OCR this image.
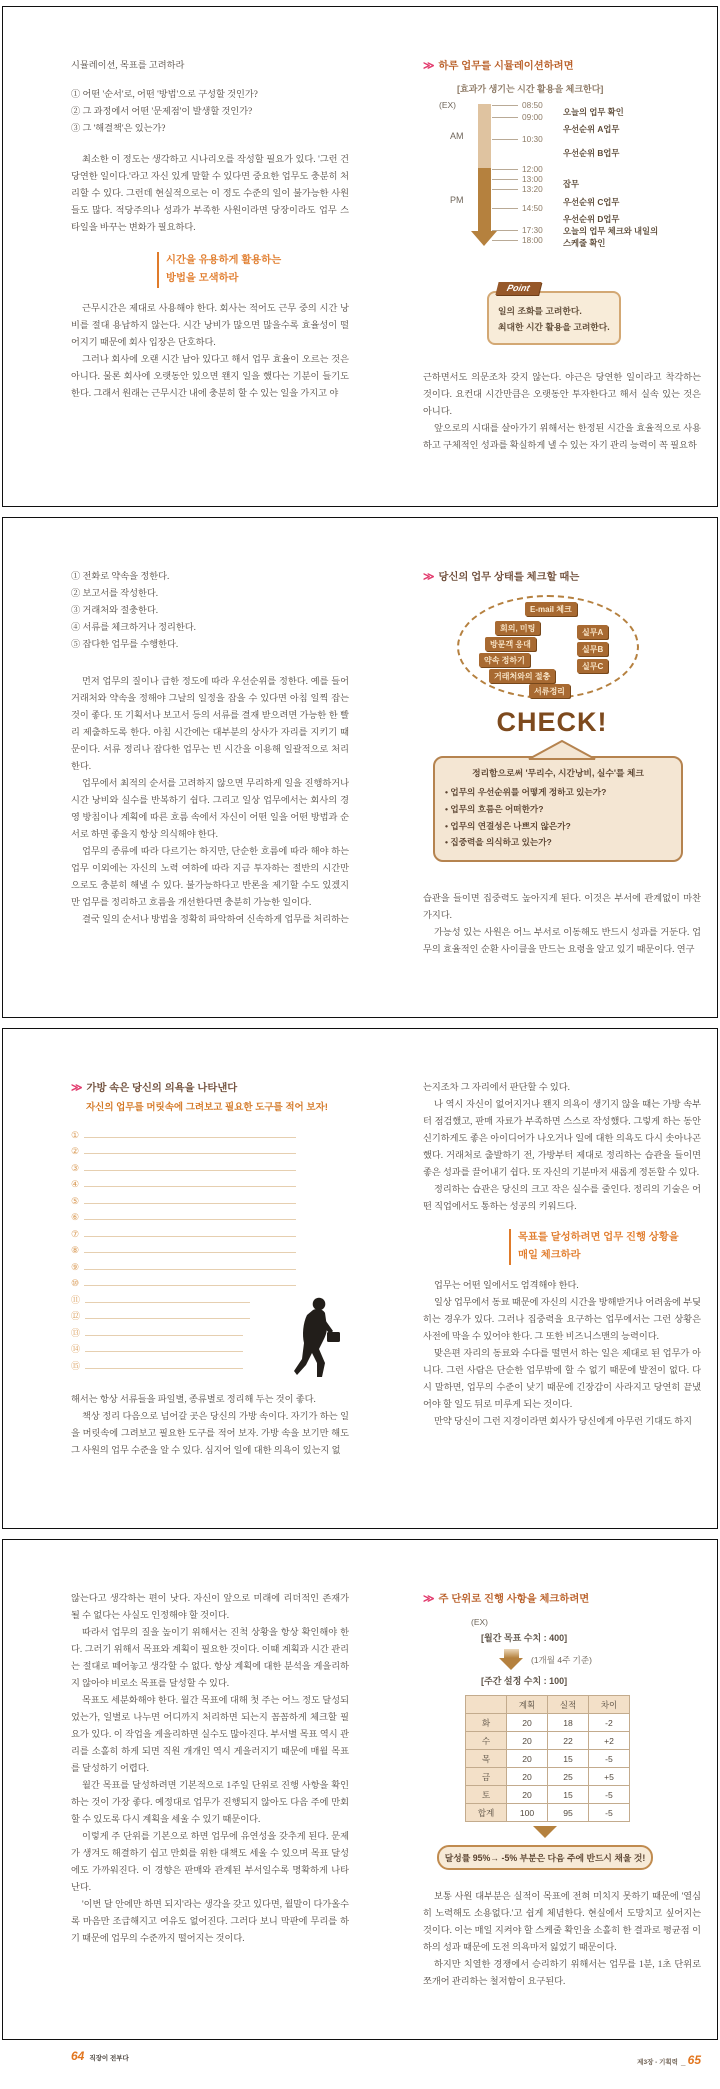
시뮬레이션, 목표를 고려하라

① 어떤 '순서'로, 어떤 '방법'으로 구성할 것인가?

② 그 과정에서 어떤 '문제점'이 발생할 것인가?

③ 그 '해결책'은 있는가?

최소한 이 정도는 생각하고 시나리오를 작성할 필요가 있다. '그런 건 당연한 일이다.'라고 자신 있게 말할 수 있다면 중요한 업무도 충분히 처리할 수 있다. 그런데 현실적으로는 이 정도 수준의 일이 불가능한 사원들도 많다. 적당주의나 성과가 부족한 사원이라면 당장이라도 업무 스타일을 바꾸는 변화가 필요하다.

시간을 유용하게 활용하는
방법을 모색하라

근무시간은 제대로 사용해야 한다. 회사는 적어도 근무 중의 시간 낭비를 절대 용납하지 않는다. 시간 낭비가 많으면 많을수록 효율성이 떨어지기 때문에 회사 입장은 단호하다.

그러나 회사에 오랜 시간 남아 있다고 해서 업무 효율이 오르는 것은 아니다. 물론 회사에 오랫동안 있으면 왠지 일을 했다는 기분이 들기도 한다. 그래서 원래는 근무시간 내에 충분히 할 수 있는 일을 가지고 야

≫ 하루 업무를 시뮬레이션하려면
[효과가 생기는 시간 활용을 체크한다]
(EX)
AM
PM
08:50
09:00
10:30
12:00
13:00
13:20
14:50
17:30
18:00
오늘의 업무 확인
우선순위 A업무
우선순위 B업무
잡무
우선순위 C업무
우선순위 D업무
오늘의 업무 체크와 내일의 스케줄 확인
Point
일의 조화를 고려한다.
최대한 시간 활용을 고려한다.

근하면서도 의문조차 갖지 않는다. 야근은 당연한 일이라고 착각하는 것이다. 요컨대 시간만큼은 오랫동안 투자한다고 해서 실속 있는 것은 아니다.

앞으로의 시대를 살아가기 위해서는 한정된 시간을 효율적으로 사용하고 구체적인 성과를 확실하게 낼 수 있는 자기 관리 능력이 꼭 필요하

_

① 전화로 약속을 정한다.

② 보고서를 작성한다.

③ 거래처와 절충한다.

④ 서류를 체크하거나 정리한다.

⑤ 잡다한 업무를 수행한다.

먼저 업무의 질이나 급한 정도에 따라 우선순위를 정한다. 예를 들어 거래처와 약속을 정해야 그날의 일정을 잡을 수 있다면 아침 일찍 잡는 것이 좋다. 또 기획서나 보고서 등의 서류를 결재 받으려면 가능한 한 빨리 제출하도록 한다. 아침 시간에는 대부분의 상사가 자리를 지키기 때문이다. 서류 정리나 잡다한 업무는 빈 시간을 이용해 일괄적으로 처리한다.

업무에서 최적의 순서를 고려하지 않으면 무리하게 일을 진행하거나 시간 낭비와 실수를 반복하기 쉽다. 그리고 일상 업무에서는 회사의 경영 방침이나 계획에 따른 흐름 속에서 자신이 어떤 일을 어떤 방법과 순서로 하면 좋을지 항상 의식해야 한다.

업무의 종류에 따라 다르기는 하지만, 단순한 흐름에 따라 해야 하는 업무 이외에는 자신의 노력 여하에 따라 지금 투자하는 절반의 시간만으로도 충분히 해낼 수 있다. 불가능하다고 반론을 제기할 수도 있겠지만 업무를 정리하고 흐름을 개선한다면 충분히 가능한 일이다.

결국 일의 순서나 방법을 정확히 파악하여 신속하게 업무를 처리하는

≫ 당신의 업무 상태를 체크할 때는
E-mail 체크
회의, 미팅
방문객 응대
약속 정하기
거래처와의 절충
서류정리
실무A
실무B
실무C
CHECK!
정리함으로써 '무리수, 시간낭비, 실수'를 체크
• 업무의 우선순위를 어떻게 정하고 있는가?
• 업무의 흐름은 어떠한가?
• 업무의 연결성은 나쁘지 않은가?
• 집중력을 의식하고 있는가?

습관을 들이면 집중력도 높아지게 된다. 이것은 부서에 관계없이 마찬가지다.

가능성 있는 사원은 어느 부서로 이동해도 반드시 성과를 거둔다. 업무의 효율적인 순환 사이클을 만드는 요령을 알고 있기 때문이다. 연구

_
≫ 가방 속은 당신의 의욕을 나타낸다
자신의 업무를 머릿속에 그려보고 필요한 도구를 적어 보자!
①
②
③
④
⑤
⑥
⑦
⑧
⑨
⑩
⑪
⑫
⑬
⑭
⑮

해서는 항상 서류들을 파일별, 종류별로 정리해 두는 것이 좋다.

책상 정리 다음으로 넘어갈 곳은 당신의 가방 속이다. 자기가 하는 일을 머릿속에 그려보고 필요한 도구를 적어 보자. 가방 속을 보기만 해도 그 사원의 업무 수준을 알 수 있다. 심지어 일에 대한 의욕이 있는지 없

는지조차 그 자리에서 판단할 수 있다.

나 역시 자신이 없어지거나 왠지 의욕이 생기지 않을 때는 가방 속부터 점검했고, 판매 자료가 부족하면 스스로 작성했다. 그렇게 하는 동안 신기하게도 좋은 아이디어가 나오거나 일에 대한 의욕도 다시 솟아나곤 했다. 거래처로 출발하기 전, 가방부터 제대로 정리하는 습관을 들이면 좋은 성과를 끌어내기 쉽다. 또 자신의 기분마저 새롭게 정돈할 수 있다.

정리하는 습관은 당신의 크고 작은 실수를 줄인다. 정리의 기술은 어떤 직업에서도 통하는 성공의 키워드다.

목표를 달성하려면 업무 진행 상황을
매일 체크하라

업무는 어떤 일에서도 엄격해야 한다.

일상 업무에서 동료 때문에 자신의 시간을 방해받거나 어려움에 부딪히는 경우가 있다. 그러나 집중력을 요구하는 업무에서는 그런 상황은 사전에 막을 수 있어야 한다. 그 또한 비즈니스맨의 능력이다.

맞은편 자리의 동료와 수다를 떨면서 하는 일은 제대로 된 업무가 아니다. 그런 사람은 단순한 업무밖에 할 수 없기 때문에 발전이 없다. 다시 말하면, 업무의 수준이 낮기 때문에 긴장감이 사라지고 당연히 끝냈어야 할 일도 뒤로 미루게 되는 것이다.

만약 당신이 그런 지경이라면 회사가 당신에게 아무런 기대도 하지

_

않는다고 생각하는 편이 낫다. 자신이 앞으로 미래에 리더적인 존재가 될 수 없다는 사실도 인정해야 할 것이다.

따라서 업무의 질을 높이기 위해서는 진척 상황을 항상 확인해야 한다. 그러기 위해서 목표와 계획이 필요한 것이다. 이때 계획과 시간 관리는 절대로 떼어놓고 생각할 수 없다. 항상 계획에 대한 분석을 게을리하지 않아야 비로소 목표를 달성할 수 있다.

목표도 세분화해야 한다. 월간 목표에 대해 첫 주는 어느 정도 달성되었는가, 일별로 나누면 어디까지 처리하면 되는지 꼼꼼하게 체크할 필요가 있다. 이 작업을 게을리하면 실수도 많아진다. 부서별 목표 역시 관리를 소홀히 하게 되면 직원 개개인 역시 게을러지기 때문에 매월 목표를 달성하기 어렵다.

월간 목표를 달성하려면 기본적으로 1주일 단위로 진행 사항을 확인하는 것이 가장 좋다. 예정대로 업무가 진행되지 않아도 다음 주에 만회할 수 있도록 다시 계획을 세울 수 있기 때문이다.

이렇게 주 단위를 기본으로 하면 업무에 유연성을 갖추게 된다. 문제가 생겨도 해결하기 쉽고 만회를 위한 대책도 세울 수 있으며 목표 달성에도 가까워진다. 이 경향은 판매와 관계된 부서일수록 명확하게 나타난다.

'이번 달 안에만 하면 되지'라는 생각을 갖고 있다면, 월말이 다가올수록 마음만 조급해지고 여유도 없어진다. 그러다 보니 막판에 무리를 하기 때문에 업무의 수준까지 떨어지는 것이다.

64 직장이 전부다
≫ 주 단위로 진행 사항을 체크하려면
(EX)
[월간 목표 수치 : 400]
(1개월 4주 기준)
[주간 설정 수치 : 100]
	계획	실적	차이
화	20	18	-2
수	20	22	+2
목	20	15	-5
금	20	25	+5
토	20	15	-5
합계	100	95	-5
달성률 95%→ -5% 부분은 다음 주에 반드시 채울 것!

보통 사원 대부분은 실적이 목표에 전혀 미치지 못하기 때문에 '열심히 노력해도 소용없다.'고 쉽게 체념한다. 현실에서 도망치고 싶어지는 것이다. 이는 매일 지켜야 할 스케줄 확인을 소홀히 한 결과로 평균점 이하의 성과 때문에 도전 의욕마저 잃었기 때문이다.

하지만 치열한 경쟁에서 승리하기 위해서는 업무를 1분, 1초 단위로 쪼개어 관리하는 철저함이 요구된다.

제3장 - 기획력 _ 65
